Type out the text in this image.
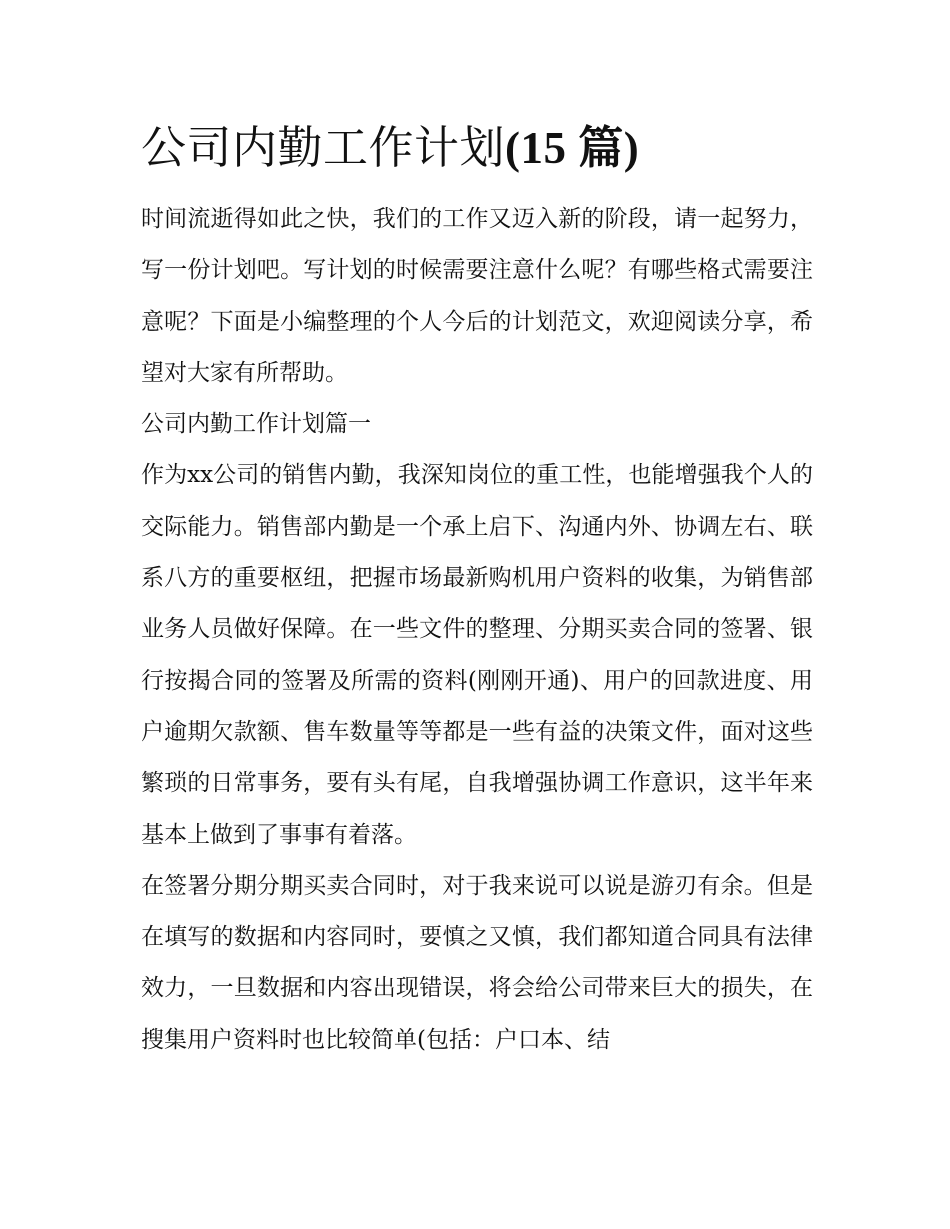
公司内勤工作计划(15 篇)

时间流逝得如此之快，我们的工作又迈入新的阶段，请一起努力，写一份计划吧。写计划的时候需要注意什么呢？有哪些格式需要注意呢？下面是小编整理的个人今后的计划范文，欢迎阅读分享，希望对大家有所帮助。

公司内勤工作计划篇一

作为xx公司的销售内勤，我深知岗位的重工性，也能增强我个人的交际能力。销售部内勤是一个承上启下、沟通内外、协调左右、联系八方的重要枢纽，把握市场最新购机用户资料的收集，为销售部业务人员做好保障。在一些文件的整理、分期买卖合同的签署、银行按揭合同的签署及所需的资料(刚刚开通)、用户的回款进度、用户逾期欠款额、售车数量等等都是一些有益的决策文件，面对这些繁琐的日常事务，要有头有尾，自我增强协调工作意识，这半年来基本上做到了事事有着落。

在签署分期分期买卖合同时，对于我来说可以说是游刃有余。但是在填写的数据和内容同时，要慎之又慎，我们都知道合同具有法律效力，一旦数据和内容出现错误，将会给公司带来巨大的损失，在搜集用户资料时也比较简单(包括：户口本、结
